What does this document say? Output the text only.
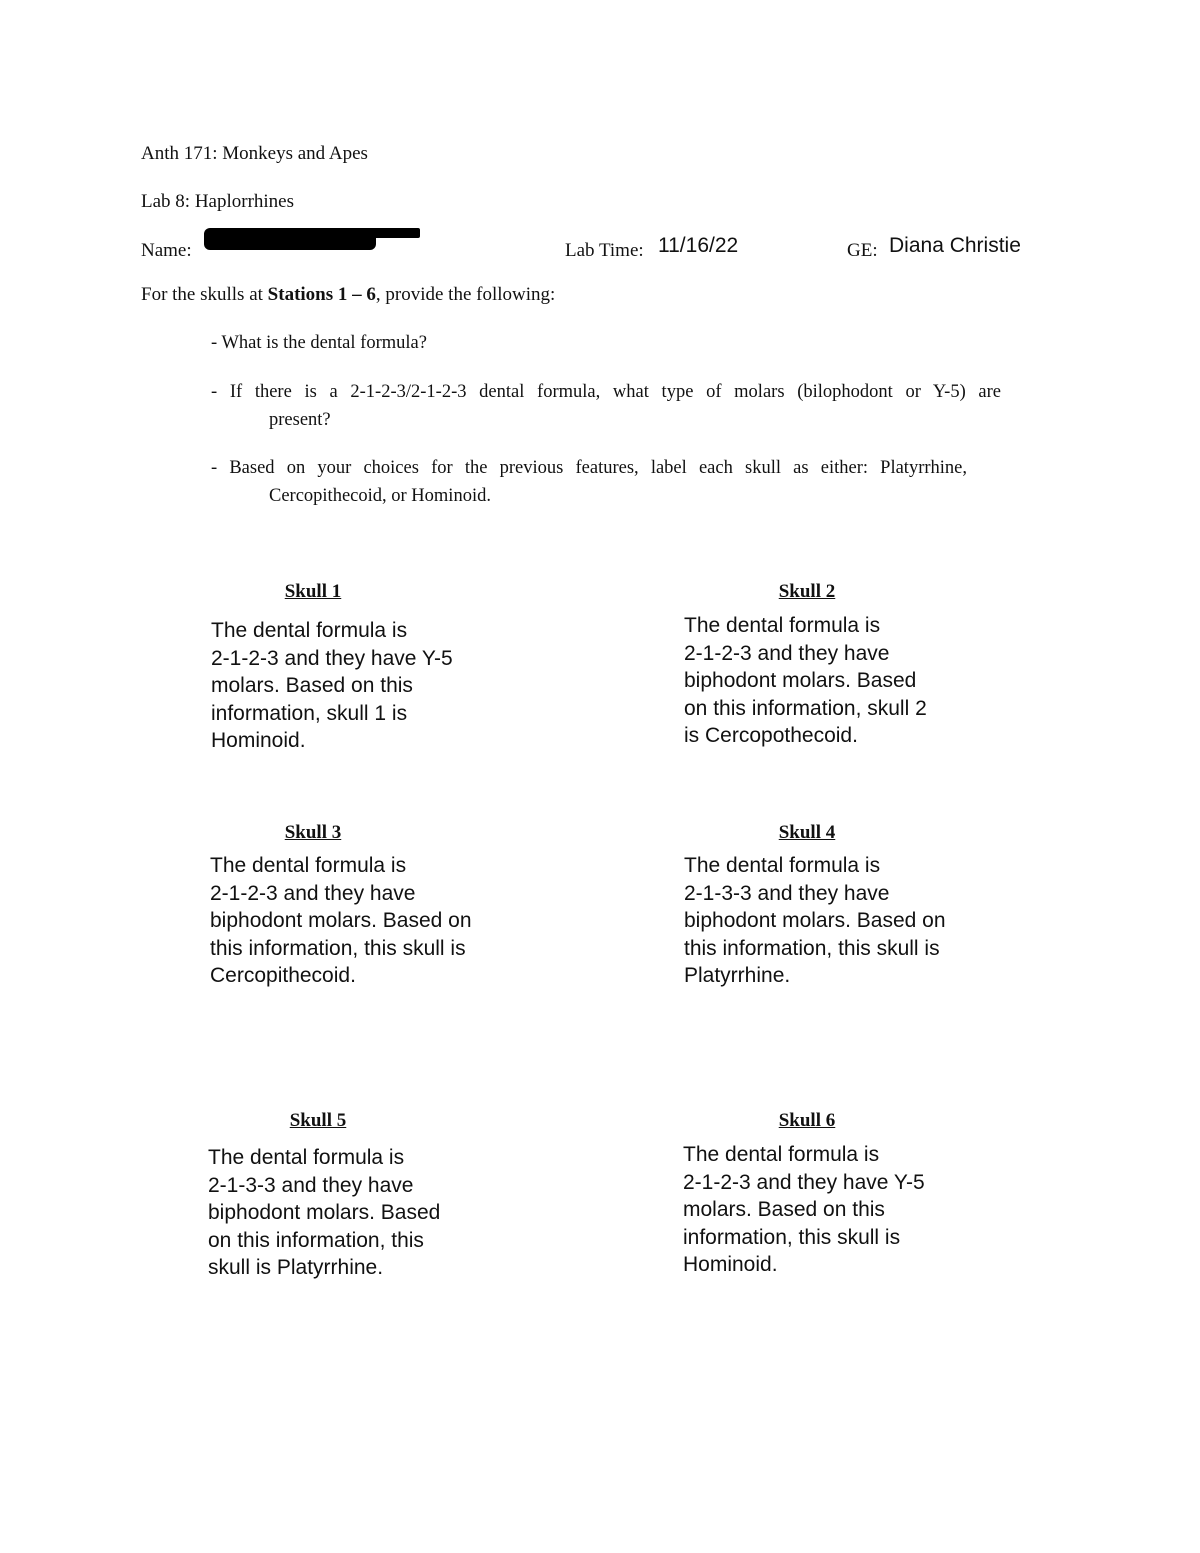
Anth 171: Monkeys and Apes
Lab 8: Haplorrhines
Name:	Lab Time: 11/16/22	GE: Diana Christie
For the skulls at Stations 1 – 6, provide the following:
- What is the dental formula?
- If there is a 2-1-2-3/2-1-2-3 dental formula, what type of molars (bilophodont or Y-5) are
present?
- Based on your choices for the previous features, label each skull as either: Platyrrhine,
Cercopithecoid, or Hominoid.
Skull 1
The dental formula is
2-1-2-3 and they have Y-5
molars. Based on this
information, skull 1 is
Hominoid.
Skull 2
The dental formula is
2-1-2-3 and they have
biphodont molars. Based
on this information, skull 2
is Cercopothecoid.
Skull 3
The dental formula is
2-1-2-3 and they have
biphodont molars. Based on
this information, this skull is
Cercopithecoid.
Skull 4
The dental formula is
2-1-3-3 and they have
biphodont molars. Based on
this information, this skull is
Platyrrhine.
Skull 5
The dental formula is
2-1-3-3 and they have
biphodont molars. Based
on this information, this
skull is Platyrrhine.
Skull 6
The dental formula is
2-1-2-3 and they have Y-5
molars. Based on this
information, this skull is
Hominoid.
